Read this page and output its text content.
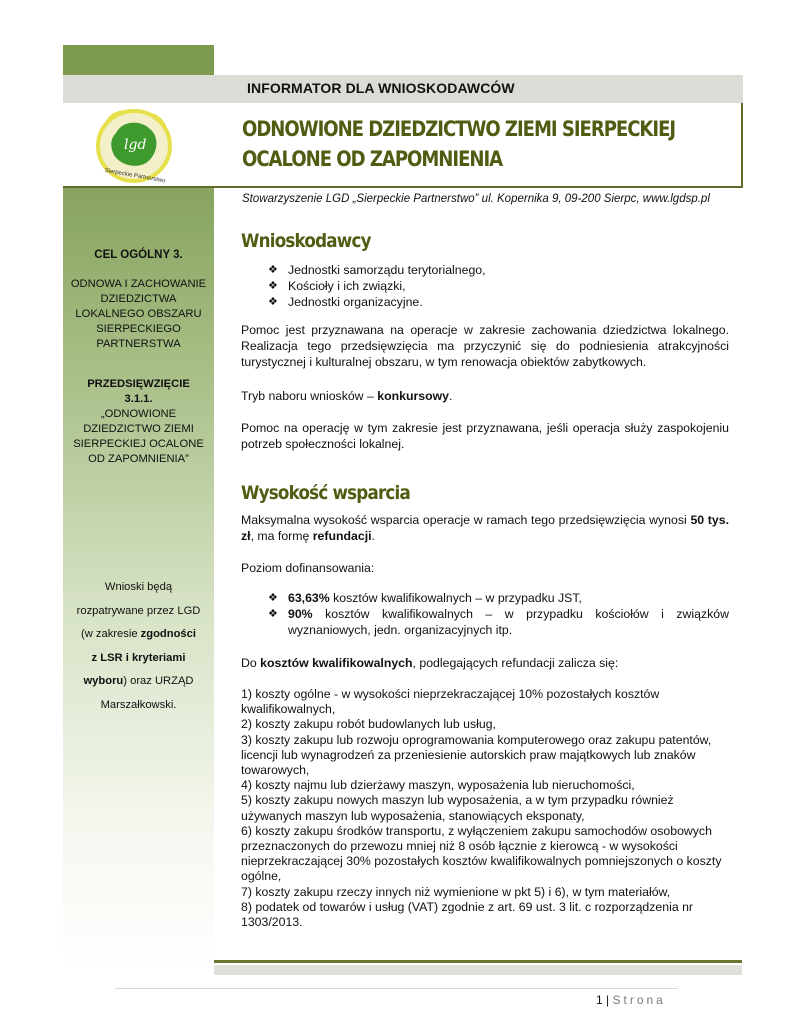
INFORMATOR DLA WNIOSKODAWCÓW
lgd
Sierpeckie Partnerstwo
ODNOWIONE DZIEDZICTWO ZIEMI SIERPECKIEJ
OCALONE OD ZAPOMNIENIA
Stowarzyszenie LGD „Sierpeckie Partnerstwo” ul. Kopernika 9, 09-200 Sierpc, www.lgdsp.pl
CEL OGÓLNY 3.
ODNOWA I ZACHOWANIE
DZIEDZICTWA
LOKALNEGO OBSZARU
SIERPECKIEGO
PARTNERSTWA
PRZEDSIĘWZIĘCIE
3.1.1.
„ODNOWIONE
DZIEDZICTWO ZIEMI
SIERPECKIEJ OCALONE
OD ZAPOMNIENIA”
Wnioski będą
rozpatrywane przez LGD
(w zakresie zgodności
z LSR i kryteriami
wyboru) oraz URZĄD
Marszałkowski.
Wnioskodawcy
❖ Jednostki samorządu terytorialnego,
❖ Kościoły i ich związki,
❖ Jednostki organizacyjne.
Pomoc jest przyznawana na operacje w zakresie zachowania dziedzictwa lokalnego. Realizacja tego przedsięwzięcia ma przyczynić się do podniesienia atrakcyjności turystycznej i kulturalnej obszaru, w tym renowacja obiektów zabytkowych.
Tryb naboru wniosków – konkursowy.
Pomoc na operację w tym zakresie jest przyznawana, jeśli operacja służy zaspokojeniu potrzeb społeczności lokalnej.
Wysokość wsparcia
Maksymalna wysokość wsparcia operacje w ramach tego przedsięwzięcia wynosi 50 tys. zł, ma formę refundacji.
Poziom dofinansowania:
❖ 63,63% kosztów kwalifikowalnych – w przypadku JST,
❖ 90% kosztów kwalifikowalnych – w przypadku kościołów i związków wyznaniowych, jedn. organizacyjnych itp.
Do kosztów kwalifikowalnych, podlegających refundacji zalicza się:
1) koszty ogólne - w wysokości nieprzekraczającej 10% pozostałych kosztów kwalifikowalnych,
2) koszty zakupu robót budowlanych lub usług,
3) koszty zakupu lub rozwoju oprogramowania komputerowego oraz zakupu patentów, licencji lub wynagrodzeń za przeniesienie autorskich praw majątkowych lub znaków towarowych,
4) koszty najmu lub dzierżawy maszyn, wyposażenia lub nieruchomości,
5) koszty zakupu nowych maszyn lub wyposażenia, a w tym przypadku również używanych maszyn lub wyposażenia, stanowiących eksponaty,
6) koszty zakupu środków transportu, z wyłączeniem zakupu samochodów osobowych przeznaczonych do przewozu mniej niż 8 osób łącznie z kierowcą - w wysokości nieprzekraczającej 30% pozostałych kosztów kwalifikowalnych pomniejszonych o koszty ogólne,
7) koszty zakupu rzeczy innych niż wymienione w pkt 5) i 6), w tym materiałów,
8) podatek od towarów i usług (VAT) zgodnie z art. 69 ust. 3 lit. c rozporządzenia nr 1303/2013.
1 | Strona
